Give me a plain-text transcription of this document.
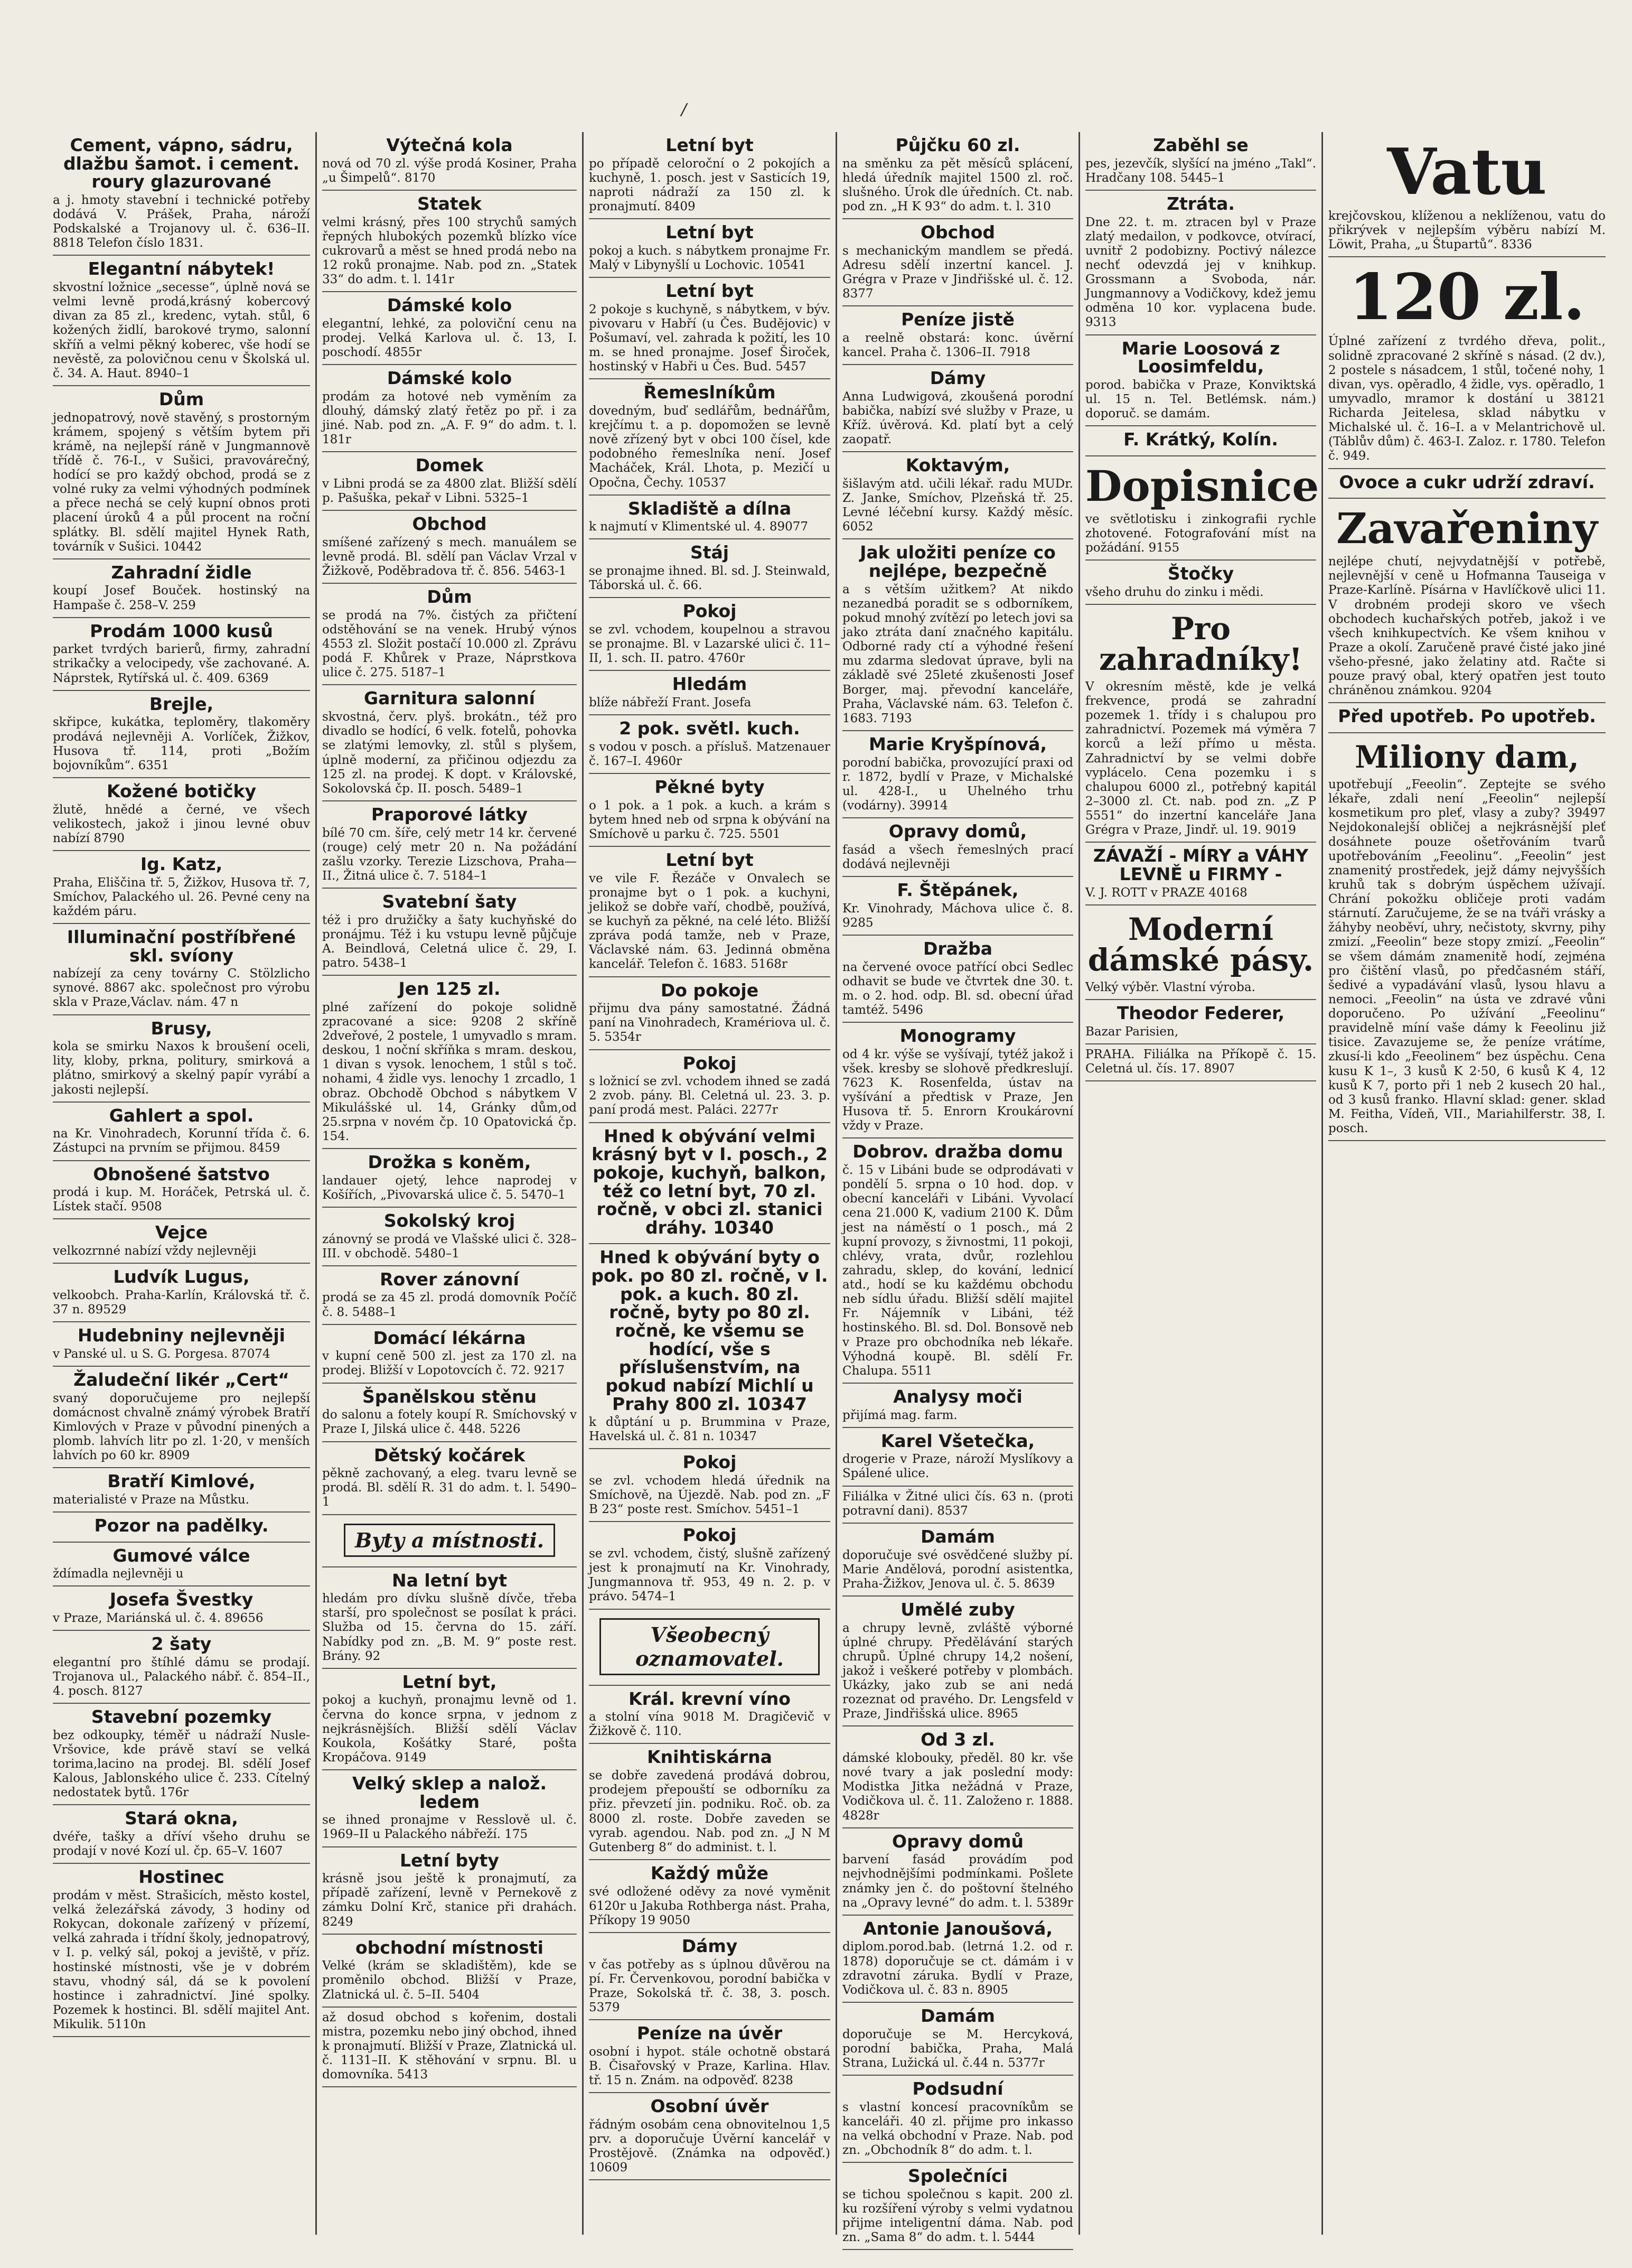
/
Cement, vápno, sádru, dlažbu šamot. i cement. roury glazurované

a j. hmoty stavební i technické potřeby dodává V. Prášek, Praha, nároží Podskalské a Trojanovy ul. č. 636–II. 8818 Telefon číslo 1831.

Elegantní nábytek!

skvostní ložnice „secesse“, úplně nová se velmi levně prodá,krásný kobercový divan za 85 zl., kredenc, vytah. stůl, 6 kožených židlí, barokové trymo, salonní skříň a velmi pěkný koberec, vše hodí se nevěstě, za polovičnou cenu v Školská ul. č. 34. A. Haut. 8940–1

Dům

jednopatrový, nově stavěný, s prostorným krámem, spojený s větším bytem při krámě, na nejlepší ráně v Jungmannově třídě č. 76-I., v Sušici, pravovárečný, hodící se pro každý obchod, prodá se z volné ruky za velmi výhodných podmínek a přece nechá se celý kupní obnos proti placení úroků 4 a půl procent na roční splátky. Bl. sdělí majitel Hynek Rath, továrník v Sušici. 10442

Zahradní židle

koupí Josef Bouček. hostinský na Hampaše č. 258–V. 259

Prodám 1000 kusů

parket tvrdých barierů, firmy, zahradní strikačky a velocipedy, vše zachované. A. Náprstek, Rytířská ul. č. 409. 6369

Brejle,

skřipce, kukátka, teploměry, tlakoměry prodává nejlevněji A. Vorlíček, Žižkov, Husova tř. 114, proti „Božím bojovníkům“. 6351

Kožené botičky

žlutě, hnědé a černé, ve všech velikostech, jakož i jinou levné obuv nabízí 8790

Ig. Katz,

Praha, Eliščina tř. 5, Žižkov, Husova tř. 7, Smíchov, Palackého ul. 26. Pevné ceny na každém páru.

Illuminační postříbřené skl. svíony

nabízejí za ceny továrny C. Stölzlicho synové. 8867 akc. společnost pro výrobu skla v Praze,Václav. nám. 47 n

Brusy,

kola se smirku Naxos k broušení oceli, lity, kloby, prkna, politury, smirková a plátno, smirkový a skelný papír vyrábí a jakosti nejlepší.

Gahlert a spol.

na Kr. Vinohradech, Korunní třída č. 6. Zástupci na prvním se přijmou. 8459

Obnošené šatstvo

prodá i kup. M. Horáček, Petrská ul. č. Lístek stačí. 9508

Vejce

velkozrnné nabízí vždy nejlevněji

Ludvík Lugus,

velkoobch. Praha-Karlín, Královská tř. č. 37 n. 89529

Hudebniny nejlevněji

v Panské ul. u S. G. Porgesa. 87074

Žaludeční likér „Cert“

svaný doporučujeme pro nejlepší domácnost chvalně známý výrobek Bratří Kimlových v Praze v původní pinených a plomb. lahvích litr po zl. 1·20, v menších lahvích po 60 kr. 8909

Bratří Kimlové,

materialisté v Praze na Můstku.

Pozor na padělky.
Gumové válce

ždímadla nejlevněji u

Josefa Švestky

v Praze, Mariánská ul. č. 4. 89656

2 šaty

elegantní pro štíhlé dámu se prodají. Trojanova ul., Palackého nábř. č. 854–II., 4. posch. 8127

Stavební pozemky

bez odkoupky, téměř u nádraží Nusle-Vršovice, kde právě staví se velká torima,lacino na prodej. Bl. sdělí Josef Kalous, Jablonského ulice č. 233. Cítelný nedostatek bytů. 176r

Stará okna,

dvéře, tašky a dříví všeho druhu se prodají v nové Kozí ul. čp. 65–V. 1607

Hostinec

prodám v měst. Strašicích, město kostel, velká železářská závody, 3 hodiny od Rokycan, dokonale zařízený v přízemí, velká zahrada i třídní školy, jednopatrový, v I. p. velký sál, pokoj a jeviště, v příz. hostinské místnosti, vše je v dobrém stavu, vhodný sál, dá se k povolení hostince i zahradnictví. Jiné spolky. Pozemek k hostinci. Bl. sdělí majitel Ant. Mikulik. 5110n

Výtečná kola

nová od 70 zl. výše prodá Kosiner, Praha „u Šimpelů“. 8170

Statek

velmi krásný, přes 100 strychů samých řepných hlubokých pozemků blízko více cukrovarů a měst se hned prodá nebo na 12 roků pronajme. Nab. pod zn. „Statek 33“ do adm. t. l. 141r

Dámské kolo

elegantní, lehké, za poloviční cenu na prodej. Velká Karlova ul. č. 13, I. poschodí. 4855r

Dámské kolo

prodám za hotové neb vyměním za dlouhý, dámský zlatý řetěz po př. i za jiné. Nab. pod zn. „A. F. 9“ do adm. t. l. 181r

Domek

v Libni prodá se za 4800 zlat. Bližší sdělí p. Pašuška, pekař v Libni. 5325–1

Obchod

smíšené zařízený s mech. manuálem se levně prodá. Bl. sdělí pan Václav Vrzal v Žižkově, Poděbradova tř. č. 856. 5463-1

Dům

se prodá na 7%. čistých za přičtení odstěhování se na venek. Hrubý výnos 4553 zl. Složit postačí 10.000 zl. Zprávu podá F. Khůrek v Praze, Náprstkova ulice č. 275. 5187–1

Garnitura salonní

skvostná, červ. plyš. brokátn., též pro divadlo se hodící, 6 velk. fotelů, pohovka se zlatými lemovky, zl. stůl s plyšem, úplně moderní, za přičinou odjezdu za 125 zl. na prodej. K dopt. v Královské, Sokolovská čp. II. posch. 5489–1

Praporové látky

bílé 70 cm. šíře, celý metr 14 kr. červené (rouge) celý metr 20 n. Na požádání zašlu vzorky. Terezie Lizschova, Praha—II., Žitná ulice č. 7. 5184–1

Svatební šaty

též i pro družičky a šaty kuchyňské do pronájmu. Též i ku vstupu levně půjčuje A. Beindlová, Celetná ulice č. 29, I. patro. 5438–1

Jen 125 zl.

plné zařízení do pokoje solidně zpracované a sice: 9208 2 skříně 2dveřové, 2 postele, 1 umyvadlo s mram. deskou, 1 noční skříňka s mram. deskou, 1 divan s vysok. lenochem, 1 stůl s toč. nohami, 4 židle vys. lenochy 1 zrcadlo, 1 obraz. Obchodě Obchod s nábytkem V Mikulášské ul. 14, Gránky dům,od 25.srpna v novém čp. 10 Opatovická čp. 154.

Drožka s koněm,

landauer ojetý, lehce naprodej v Košířích, „Pivovarská ulice č. 5. 5470–1

Sokolský kroj

zánovný se prodá ve Vlašské ulici č. 328–III. v obchodě. 5480–1

Rover zánovní

prodá se za 45 zl. prodá domovník Počíč č. 8. 5488–1

Domácí lékárna

v kupní ceně 500 zl. jest za 170 zl. na prodej. Bližší v Lopotovcích č. 72. 9217

Španělskou stěnu

do salonu a fotely koupí R. Smíchovský v Praze I, Jilská ulice č. 448. 5226

Dětský kočárek

pěkně zachovaný, a eleg. tvaru levně se prodá. Bl. sdělí R. 31 do adm. t. l. 5490–1

Byty a místnosti.
Na letní byt

hledám pro dívku slušně dívče, třeba starší, pro společnost se posílat k práci. Služba od 15. června do 15. září. Nabídky pod zn. „B. M. 9“ poste rest. Brány. 92

Letní byt,

pokoj a kuchyň, pronajmu levně od 1. června do konce srpna, v jednom z nejkrásnějších. Bližší sdělí Václav Koukola, Košátky Staré, pošta Kropáčova. 9149

Velký sklep a nalož. ledem

se ihned pronajme v Resslově ul. č. 1969–II u Palackého nábřeží. 175

Letní byty

krásně jsou ještě k pronajmutí, za případě zařízení, levně v Pernekově z zámku Dolní Krč, stanice při drahách. 8249

obchodní místnosti

Velké (krám se skladištěm), kde se proměnilo obchod. Bližší v Praze, Zlatnická ul. č. 5–II. 5404

až dosud obchod s kořenim, dostali mistra, pozemku nebo jiný obchod, ihned k pronajmutí. Bližší v Praze, Zlatnická ul. č. 1131–II. K stěhování v srpnu. Bl. u domovníka. 5413

Letní byt

po případě celoroční o 2 pokojích a kuchyně, 1. posch. jest v Sasticích 19, naproti nádraží za 150 zl. k pronajmutí. 8409

Letní byt

pokoj a kuch. s nábytkem pronajme Fr. Malý v Libynyšlí u Lochovic. 10541

Letní byt

2 pokoje s kuchyně, s nábytkem, v býv. pivovaru v Habří (u Čes. Budějovic) v Pošumaví, vel. zahrada k požití, les 10 m. se hned pronajme. Josef Široček, hostinský v Habři u Čes. Bud. 5457

Řemeslníkům

dovedným, buď sedlářům, bednářům, krejčímu t. a p. dopomožen se levně nově zřízený byt v obci 100 čísel, kde podobného řemeslníka není. Josef Macháček, Král. Lhota, p. Mezičí u Opočna, Čechy. 10537

Skladiště a dílna

k najmutí v Klimentské ul. 4. 89077

Stáj

se pronajme ihned. Bl. sd. J. Steinwald, Táborská ul. č. 66.

Pokoj

se zvl. vchodem, koupelnou a stravou se pronajme. Bl. v Lazarské ulici č. 11–II, 1. sch. II. patro. 4760r

Hledám

blíže nábřeží Frant. Josefa

2 pok. světl. kuch.

s vodou v posch. a přísluš. Matzenauer č. 167–I. 4960r

Pěkné byty

o 1 pok. a 1 pok. a kuch. a krám s bytem hned neb od srpna k obývání na Smíchově u parku č. 725. 5501

Letní byt

ve vile F. Řezáče v Onvalech se pronajme byt o 1 pok. a kuchyni, jelikož se dobře vaří, chodbě, používá, se kuchyň za pěkné, na celé léto. Bližší zpráva podá tamže, neb v Praze, Václavské nám. 63. Jedinná obměna kancelář. Telefon č. 1683. 5168r

Do pokoje

přijmu dva pány samostatné. Žádná paní na Vinohradech, Kramériova ul. č. 5. 5354r

Pokoj

s ložnicí se zvl. vchodem ihned se zadá 2 zvob. pány. Bl. Celetná ul. 23. 3. p. paní prodá mest. Paláci. 2277r

Hned k obývání velmi krásný byt v I. posch., 2 pokoje, kuchyň, balkon, též co letní byt, 70 zl. ročně, v obci zl. stanici dráhy. 10340
Hned k obývání byty o pok. po 80 zl. ročně, v I. pok. a kuch. 80 zl. ročně, byty po 80 zl. ročně, ke všemu se hodící, vše s příslušenstvím, na pokud nabízí Michlí u Prahy 800 zl. 10347

k důptání u p. Brummina v Praze, Havelská ul. č. 81 n. 10347

Pokoj

se zvl. vchodem hledá úřednik na Smíchově, na Újezdě. Nab. pod zn. „F B 23“ poste rest. Smíchov. 5451–1

Pokoj

se zvl. vchodem, čistý, slušně zařízený jest k pronajmutí na Kr. Vinohrady, Jungmannova tř. 953, 49 n. 2. p. v právo. 5474–1

Všeobecný oznamovatel.
Král. krevní víno

a stolní vína 9018 M. Dragičevič v Žižkově č. 110.

Knihtiskárna

se dobře zavedená prodává dobrou, prodejem přepouští se odborníku za přiz. převzetí jin. podniku. Roč. ob. za 8000 zl. roste. Dobře zaveden se vyrab. agendou. Nab. pod zn. „J N M Gutenberg 8“ do administ. t. l.

Každý může

své odložené oděvy za nové vyměnit 6120r u Jakuba Rothberga nást. Praha, Příkopy 19 9050

Dámy

v čas potřeby as s úplnou důvěrou na pí. Fr. Červenkovou, porodní babička v Praze, Sokolská tř. č. 38, 3. posch. 5379

Peníze na úvěr

osobní i hypot. stále ochotně obstará B. Čisařovský v Praze, Karlina. Hlav. tř. 15 n. Znám. na odpověď. 8238

Osobní úvěr

řádným osobám cena obnovitelnou 1,5 prv. a doporučuje Úvěrní kancelář v Prostějově. (Známka na odpověď.) 10609

Půjčku 60 zl.

na směnku za pět měsíců splácení, hledá úředník majitel 1500 zl. roč. slušného. Úrok dle úředních. Ct. nab. pod zn. „H K 93“ do adm. t. l. 310

Obchod

s mechanickým mandlem se předá. Adresu sdělí inzertní kancel. J. Grégra v Praze v Jindřišské ul. č. 12. 8377

Peníze jistě

a reelně obstará: konc. úvěrní kancel. Praha č. 1306–II. 7918

Dámy

Anna Ludwigová, zkoušená porodní babička, nabízí své služby v Praze, u Kříž. úvěrová. Kd. platí byt a celý zaopatř.

Koktavým,

šišlavým atd. učili lékař. radu MUDr. Z. Janke, Smíchov, Plzeňská tř. 25. Levné léčební kursy. Každý měsíc. 6052

Jak uložiti peníze co nejlépe, bezpečně

a s větším užitkem? At nikdo nezanedbá poradit se s odborníkem, pokud mnohý zvítězí po letech jovi sa jako ztráta daní značného kapitálu. Odborné rady ctí a výhodné řešení mu zdarma sledovat úprave, byli na základě své 25leté zkušenosti Josef Borger, maj. převodní kanceláře, Praha, Václavské nám. 63. Telefon č. 1683. 7193

Marie Kryšpínová,

porodní babička, provozující praxi od r. 1872, bydlí v Praze, v Michalské ul. 428-I., u Uhelného trhu (vodárny). 39914

Opravy domů,

fasád a všech řemeslných prací dodává nejlevněji

F. Štěpánek,

Kr. Vinohrady, Máchova ulice č. 8. 9285

Dražba

na červené ovoce patřící obci Sedlec odhavit se bude ve čtvrtek dne 30. t. m. o 2. hod. odp. Bl. sd. obecní úřad tamtéž. 5496

Monogramy

od 4 kr. výše se vyšívají, tytéž jakož i všek. kresby se slohově předkreslují. 7623 K. Rosenfelda, ústav na vyšívání a předtisk v Praze, Jen Husova tř. 5. Enrorn Kroukárovní vždy v Praze.

Dobrov. dražba domu

č. 15 v Libáni bude se odprodávati v pondělí 5. srpna o 10 hod. dop. v obecní kanceláři v Libáni. Vyvolací cena 21.000 K, vadium 2100 K. Dům jest na náměstí o 1 posch., má 2 kupní provozy, s živnostmi, 11 pokoji, chlévy, vrata, dvůr, rozlehlou zahradu, sklep, do kování, lednicí atd., hodí se ku každému obchodu neb sídlu úřadu. Bližší sdělí majitel Fr. Nájemník v Libáni, též hostinského. Bl. sd. Dol. Bonsově neb v Praze pro obchodníka neb lékaře. Výhodná koupě. Bl. sdělí Fr. Chalupa. 5511

Analysy moči

přijímá mag. farm.

Karel Všetečka,

drogerie v Praze, nároží Myslíkovy a Spálené ulice.

Filiálka v Žitné ulici čís. 63 n. (proti potravní dani). 8537

Damám

doporučuje své osvědčené služby pí. Marie Andělová, porodní asistentka, Praha-Žižkov, Jenova ul. č. 5. 8639

Umělé zuby

a chrupy levně, zvláště výborné úplné chrupy. Předělávání starých chrupů. Úplné chrupy 14,2 nošení, jakož i veškeré potřeby v plombách. Ukázky, jako zub se ani nedá rozeznat od pravého. Dr. Lengsfeld v Praze, Jindřišská ulice. 8965

Od 3 zl.

dámské klobouky, předěl. 80 kr. vše nové tvary a jak poslední mody: Modistka Jitka nežádná v Praze, Vodičkova ul. č. 11. Založeno r. 1888. 4828r

Opravy domů

barvení fasád provádím pod nejvhodnějšími podmínkami. Pošlete známky jen č. do poštovní štelného na „Opravy levné“ do adm. t. l. 5389r

Antonie Janoušová,

diplom.porod.bab. (letrná 1.2. od r. 1878) doporučuje se ct. dámám i v zdravotní záruka. Bydlí v Praze, Vodičkova ul. č. 83 n. 8905

Damám

doporučuje se M. Hercyková, porodní babička, Praha, Malá Strana, Lužická ul. č.44 n. 5377r

Podsudní

s vlastní koncesí pracovníkům se kanceláři. 40 zl. přijme pro inkasso na velká obchodní v Praze. Nab. pod zn. „Obchodník 8“ do adm. t. l.

Společníci

se tichou společnou s kapit. 200 zl. ku rozšíření výroby s velmi vydatnou přijme inteligentní dáma. Nab. pod zn. „Sama 8“ do adm. t. l. 5444

Zaběhl se

pes, jezevčík, slyšící na jméno „Takl“. Hradčany 108. 5445–1

Ztráta.

Dne 22. t. m. ztracen byl v Praze zlatý medailon, v podkovce, otvírací, uvnitř 2 podobizny. Poctivý nálezce nechť odevzdá jej v knihkup. Grossmann a Svoboda, nár. Jungmannovy a Vodičkovy, kdež jemu odměna 10 kor. vyplacena bude. 9313

Marie Loosová z Loosimfeldu,

porod. babička v Praze, Konviktská ul. 15 n. Tel. Betlémsk. nám.) doporuč. se damám.

F. Krátký, Kolín.
Dopisnice

ve světlotisku i zinkografii rychle zhotovené. Fotografování míst na požádání. 9155

Štočky

všeho druhu do zinku i mědi.

Pro zahradníky!

V okresním městě, kde je velká frekvence, prodá se zahradní pozemek 1. třídy i s chalupou pro zahradnictví. Pozemek má výměra 7 korců a leží přímo u města. Zahradnictví by se velmi dobře vyplácelo. Cena pozemku i s chalupou 6000 zl., potřebný kapitál 2–3000 zl. Ct. nab. pod zn. „Z P 5551“ do inzertní kanceláře Jana Grégra v Praze, Jindř. ul. 19. 9019

ZÁVAŽÍ - MÍRY a VÁHY LEVNĚ u FIRMY -

V. J. ROTT v PRAZE 40168

Moderní dámské pásy.

Velký výběr. Vlastní výroba.

Theodor Federer,

Bazar Parisien,

PRAHA. Filiálka na Příkopě č. 15. Celetná ul. čís. 17. 8907

Vatu

krejčovskou, klíženou a neklíženou, vatu do přikrývek v nejlepším výběru nabízí M. Löwit, Praha, „u Štupartů“. 8336

120 zl.

Úplné zařízení z tvrdého dřeva, polit., solidně zpracované 2 skříně s násad. (2 dv.), 2 postele s násadcem, 1 stůl, točené nohy, 1 divan, vys. opěradlo, 4 židle, vys. opěradlo, 1 umyvadlo, mramor k dostání u 38121 Richarda Jeitelesa, sklad nábytku v Michalské ul. č. 16–I. a v Melantrichově ul. (Táblův dům) č. 463-I. Zaloz. r. 1780. Telefon č. 949.

Ovoce a cukr udrží zdraví.
Zavařeniny

nejlépe chutí, nejvydatnější v potřebě, nejlevnější v ceně u Hofmanna Tauseiga v Praze-Karlíně. Písárna v Havlíčkově ulici 11. V drobném prodeji skoro ve všech obchodech kuchařských potřeb, jakož i ve všech knihkupectvích. Ke všem knihou v Praze a okolí. Zaručeně pravé čisté jako jiné všeho-přesné, jako želatiny atd. Račte si pouze pravý obal, který opatřen jest touto chráněnou známkou. 9204

Před upotřeb. Po upotřeb.
Miliony dam,

upotřebují „Feeolin“. Zeptejte se svého lékaře, zdali není „Feeolin“ nejlepší kosmetikum pro pleť, vlasy a zuby? 39497 Nejdokonalejší obličej a nejkrásnější pleť dosáhnete pouze ošetřováním tvarů upotřebováním „Feeolinu“. „Feeolin“ jest znamenitý prostředek, jejž dámy nejvyšších kruhů tak s dobrým úspěchem užívají. Chrání pokožku obličeje proti vadám stárnutí. Zaručujeme, že se na tváři vrásky a žáhyby neoběví, uhry, nečistoty, skvrny, pihy zmizí. „Feeolin“ beze stopy zmizí. „Feeolin“ se všem dámám znamenitě hodí, zejména pro čištění vlasů, po předčasném stáří, šedivé a vypadávání vlasů, lysou hlavu a nemoci. „Feeolin“ na ústa ve zdravé vůni doporučeno. Po užívání „Feeolinu“ pravidelně míní vaše dámy k Feeolinu již tisice. Zavazujeme se, že peníze vrátíme, zkusí-li kdo „Feeolinem“ bez úspěchu. Cena kusu K 1–, 3 kusů K 2·50, 6 kusů K 4, 12 kusů K 7, porto při 1 neb 2 kusech 20 hal., od 3 kusů franko. Hlavní sklad: gener. sklad M. Feitha, Vídeň, VII., Mariahilferstr. 38, I. posch.
